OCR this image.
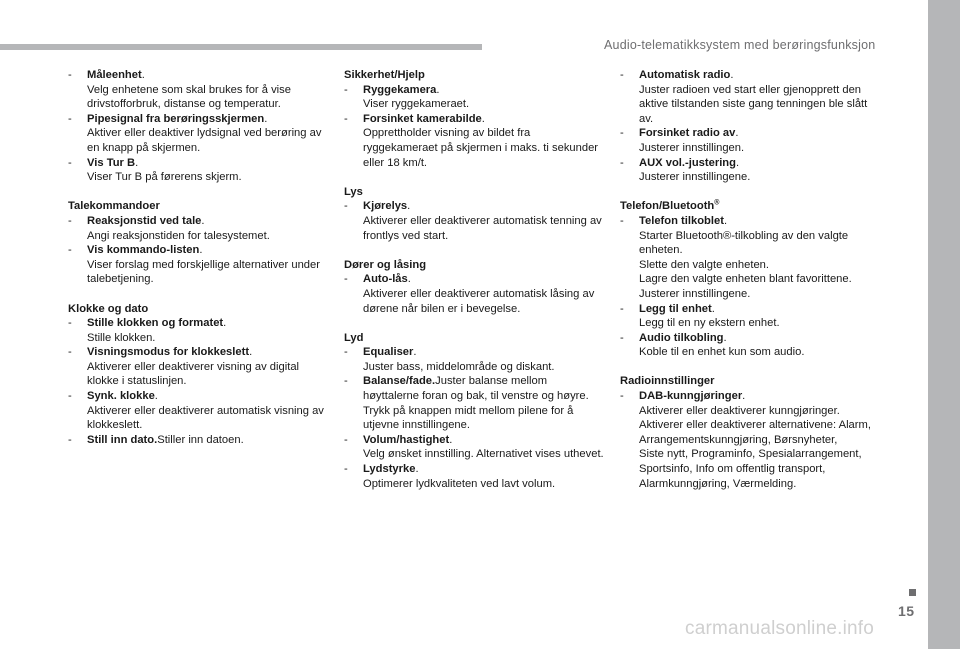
Audio-telematikksystem med berøringsfunksjon
- Måleenhet.
Velg enhetene som skal brukes for å vise
drivstofforbruk, distanse og temperatur.
- Pipesignal fra berøringsskjermen.
Aktiver eller deaktiver lydsignal ved berøring av
en knapp på skjermen.
- Vis Tur B.
Viser Tur B på førerens skjerm.
Talekommandoer
- Reaksjonstid ved tale.
Angi reaksjonstiden for talesystemet.
- Vis kommando-listen.
Viser forslag med forskjellige alternativer under
talebetjening.
Klokke og dato
- Stille klokken og formatet.
Stille klokken.
- Visningsmodus for klokkeslett.
Aktiverer eller deaktiverer visning av digital
klokke i statuslinjen.
- Synk. klokke.
Aktiverer eller deaktiverer automatisk visning av
klokkeslett.
- Still inn dato.Stiller inn datoen.
Sikkerhet/Hjelp
- Ryggekamera.
Viser ryggekameraet.
- Forsinket kamerabilde.
Opprettholder visning av bildet fra
ryggekameraet på skjermen i maks. ti sekunder
eller 18 km/t.
Lys
- Kjørelys.
Aktiverer eller deaktiverer automatisk tenning av
frontlys ved start.
Dører og låsing
- Auto-lås.
Aktiverer eller deaktiverer automatisk låsing av
dørene når bilen er i bevegelse.
Lyd
- Equaliser.
Juster bass, middelområde og diskant.
- Balanse/fade.Juster balanse mellom
høyttalerne foran og bak, til venstre og høyre.
Trykk på knappen midt mellom pilene for å
utjevne innstillingene.
- Volum/hastighet.
Velg ønsket innstilling. Alternativet vises uthevet.
- Lydstyrke.
Optimerer lydkvaliteten ved lavt volum.
- Automatisk radio.
Juster radioen ved start eller gjenopprett den
aktive tilstanden siste gang tenningen ble slått
av.
- Forsinket radio av.
Justerer innstillingen.
- AUX vol.-justering.
Justerer innstillingene.
Telefon/Bluetooth®
- Telefon tilkoblet.
Starter Bluetooth®-tilkobling av den valgte
enheten.
Slette den valgte enheten.
Lagre den valgte enheten blant favorittene.
Justerer innstillingene.
- Legg til enhet.
Legg til en ny ekstern enhet.
- Audio tilkobling.
Koble til en enhet kun som audio.
Radioinnstillinger
- DAB-kunngjøringer.
Aktiverer eller deaktiverer kunngjøringer.
Aktiverer eller deaktiverer alternativene: Alarm,
Arrangementskunngjøring, Børsnyheter,
Siste nytt, Programinfo, Spesialarrangement,
Sportsinfo, Info om offentlig transport,
Alarmkunngjøring, Værmelding.
15
carmanualsonline.info
